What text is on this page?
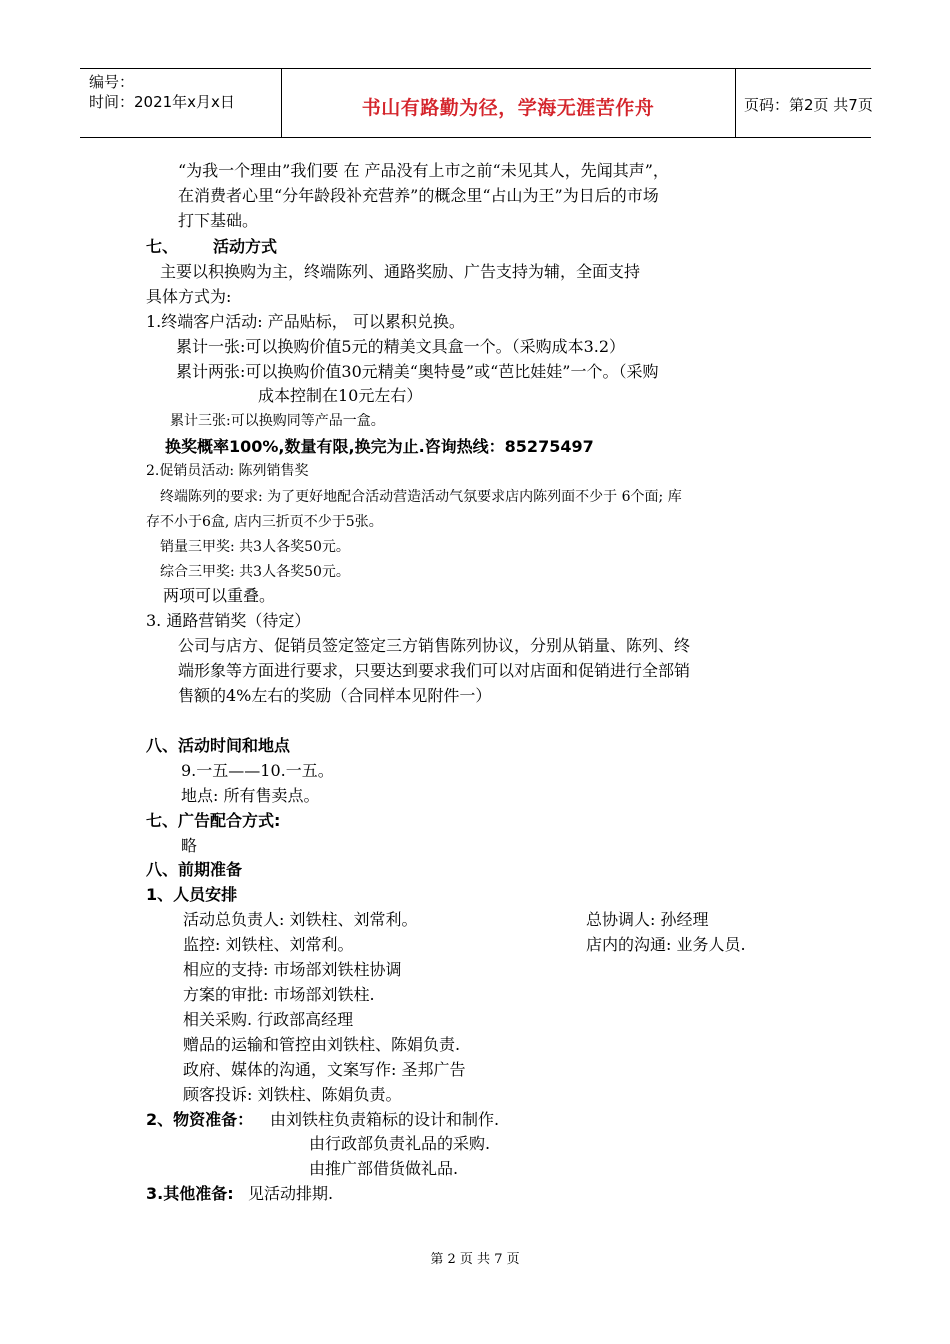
编号：
时间：2021年x月x日	书山有路勤为径，学海无涯苦作舟	页码：第2页 共7页
“为我一个理由”我们要 在 产品没有上市之前“未见其人，先闻其声”，
在消费者心里“分年龄段补充营养”的概念里“占山为王”为日后的市场
打下基础。
七、 活动方式
主要以积换购为主，终端陈列、通路奖励、广告支持为辅，全面支持
具体方式为:
1.终端客户活动: 产品贴标， 可以累积兑换。
累计一张:可以换购价值5元的精美文具盒一个。（采购成本3.2）
累计两张:可以换购价值30元精美“奥特曼”或“芭比娃娃”一个。（采购
成本控制在10元左右）
累计三张:可以换购同等产品一盒。
换奖概率100%,数量有限,换完为止.咨询热线：85275497
2.促销员活动: 陈列销售奖
终端陈列的要求: 为了更好地配合活动营造活动气氛要求店内陈列面不少于 6个面; 库
存不小于6盒, 店内三折页不少于5张。
销量三甲奖: 共3人各奖50元。
综合三甲奖: 共3人各奖50元。
两项可以重叠。
3. 通路营销奖（待定）
公司与店方、促销员签定签定三方销售陈列协议，分别从销量、陈列、终
端形象等方面进行要求，只要达到要求我们可以对店面和促销进行全部销
售额的4%左右的奖励（合同样本见附件一）
八、活动时间和地点
9.一五——10.一五。
地点: 所有售卖点。
七、广告配合方式:
略
八、前期准备
1、人员安排
活动总负责人: 刘铁柱、刘常利。	总协调人: 孙经理
监控: 刘铁柱、刘常利。	店内的沟通: 业务人员.
相应的支持: 市场部刘铁柱协调
方案的审批: 市场部刘铁柱.
相关采购. 行政部高经理
赠品的运输和管控由刘铁柱、陈娟负责.
政府、媒体的沟通，文案写作: 圣邦广告
顾客投诉: 刘铁柱、陈娟负责。
2、物资准备： 由刘铁柱负责箱标的设计和制作.
由行政部负责礼品的采购.
由推广部借货做礼品.
3.其他准备: 见活动排期.
第 2 页 共 7 页
